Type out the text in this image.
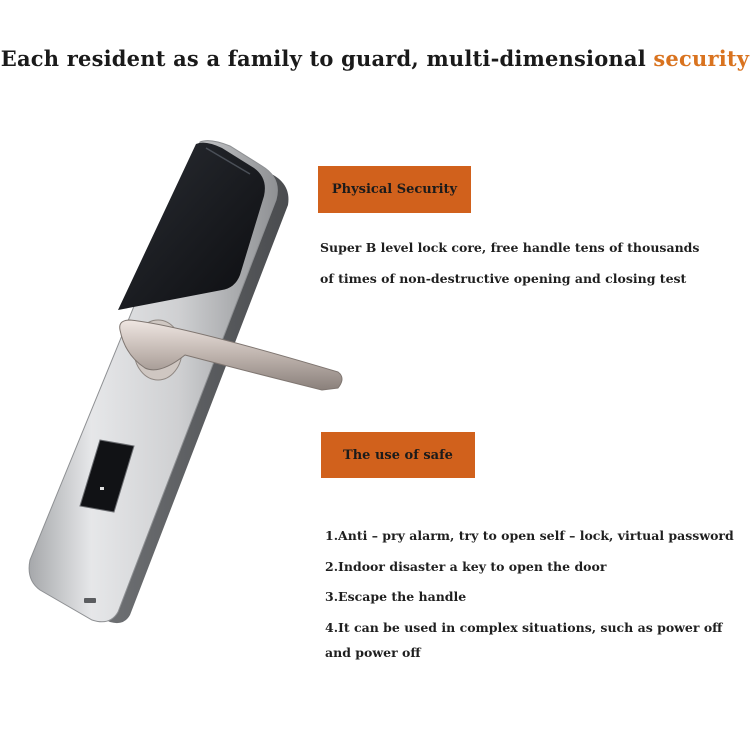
Each resident as a family to guard, multi-dimensional security
Physical Security
Super B level lock core, free handle tens of thousands
of times of non-destructive opening and closing test
The use of safe
1.Anti – pry alarm, try to open self – lock, virtual password
2.Indoor disaster a key to open the door
3.Escape the handle
4.It can be used in complex situations, such as power off
and power off
